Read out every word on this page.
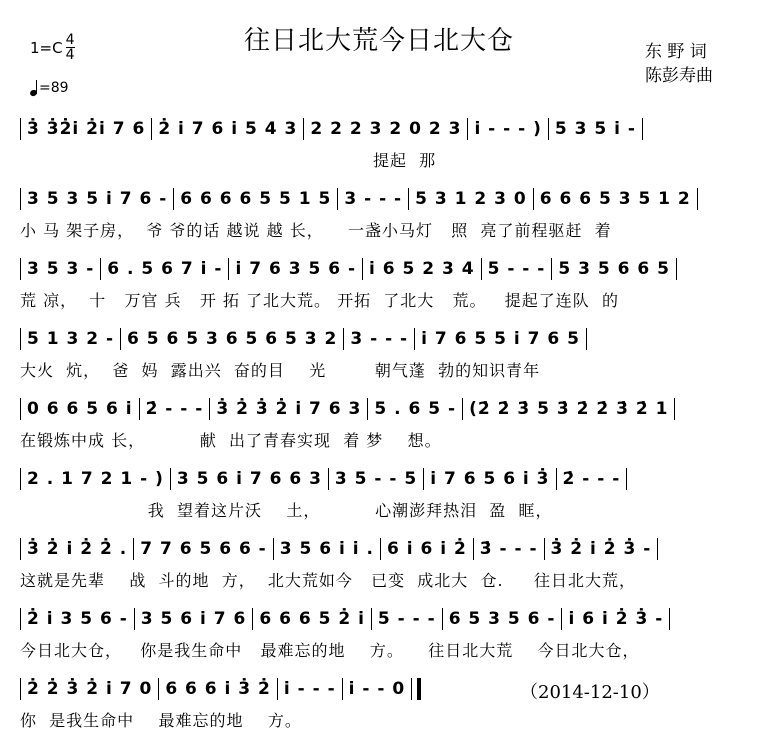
1=C 4
4	往日北大荒今日北大仓	东 野 词
陈彭寿曲
=89
3̇ 3̇2̇i 2̇i 7 6 2̇ i 7 6 i 5 4 3 2 2 2 3 2 0 2 3 i - - - ) 5 3 5 i -
提起  那
3 5 3 5 i 7 6 - 6 6 6 6 5 5 1 5 3 - - - 5 3 1 2 3 0 6 6 6 5 3 5 1 2
小 马 架子房，  爷 爷的话 越说 越 长，    一盏小马灯   照  亮了前程驱赶  着
3 5 3 - 6 . 5 6 7 i - i 7 6 3 5 6 - i 6 5 2 3 4 5 - - - 5 3 5 6 6 5
荒 凉，  十   万官 兵   开 拓 了北大荒。 开拓  了北大   荒。   提起了连队  的
5 1 3 2 - 6 5 6 5 3 6 5 6 5 3 2 3 - - - i 7 6 5 5 i 7 6 5
大火  炕，  爸  妈  露出兴  奋的目    光        朝气蓬  勃的知识青年
0 6 6 5 6 i 2̇ - - - 3̇ 2̇ 3̇ 2̇ i 7 6 3 5 . 6 5 - (2̇ 2̇ 3̇ 5 3̇ 2̇ 2̇ 3̇ 2̇ 1
在锻炼中成 长，         献  出了青春实现  着 梦    想。
2 . 1 7 2 1 - ) 3 5 6 i 7 6 6 3 3 5 - - 5 i 7 6 5 6 i 3̇ 2̇ - - -
我  望着这片沃    土，         心潮澎拜热泪  盈  眶，
3̇ 2̇ i 2̇ 2̇ . 7 7 6 5 6 6 - 3 5 6 i i . 6 i 6 i 2̇ 3̇ - - - 3̇ 2̇ i 2̇ 3̇ -
这就是先辈    战  斗的地  方，  北大荒如今   已变  成北大  仓.     往日北大荒，
2̇ i 3 5 6 - 3 5 6 i 7 6 6 6 6 5 2̇ i 5 - - - 6 5 3 5 6 - i 6 i 2̇ 3̇ -
今日北大仓，   你是我生命中   最难忘的地    方。    往日北大荒    今日北大仓，
2̇ 2̇ 3̇ 2̇ i 7 0 6 6 6 i 3̇ 2̇ i - - - i - - 0	（2014-12-10）
你  是我生命中    最难忘的地    方。
